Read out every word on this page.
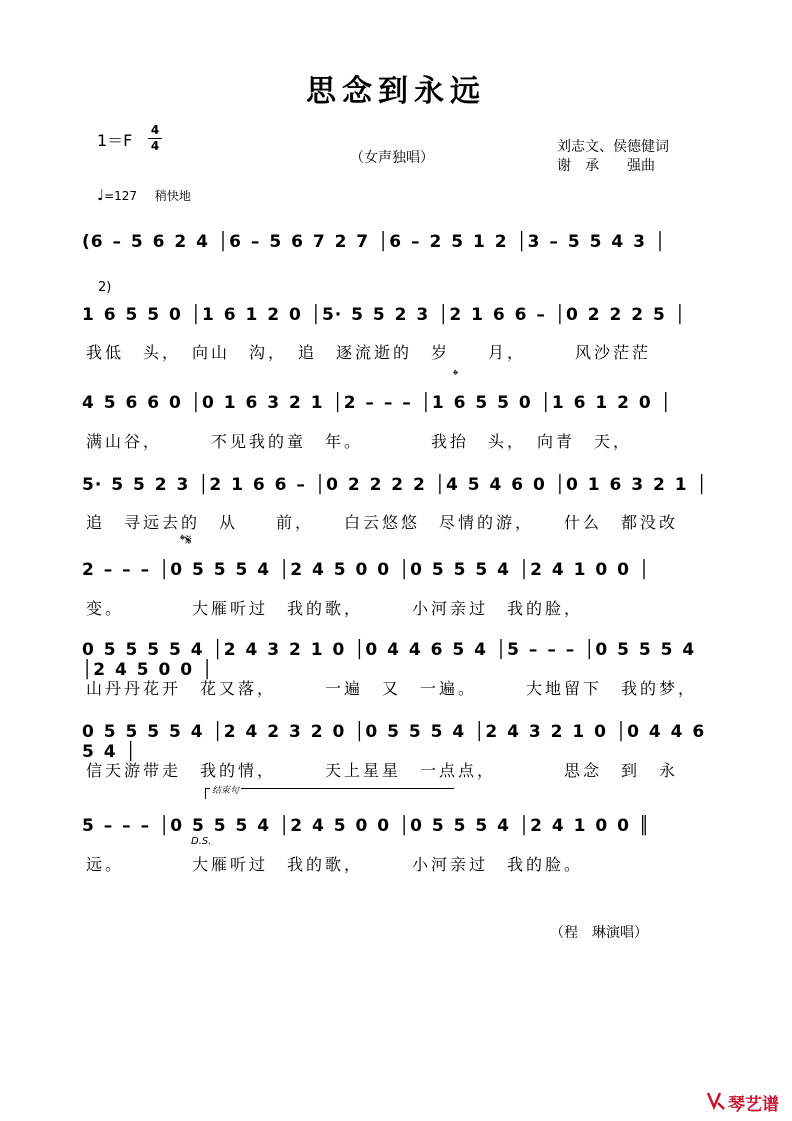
思念到永远
1＝F
4
4
（女声独唱）
刘志文、侯德健词
谢　承　　强曲
♩=127 稍快地
(6 – 5 6 2 4 │6 – 5 6 7 2 7 │6 – 2 5 1 2 │3 – 5 5 4 3 │
2)
1 6 5 5 0 │1 6 1 2 0 │5· 5 5 2 3 │2 1 6 6 – │0 2 2 2 5 │
我低　头，　向山　沟，　追　逐流逝的　岁　　月，　　　风沙茫茫
𝄌
4 5 6 6 0 │0 1 6 3 2 1 │2 – – – │1 6 5 5 0 │1 6 1 2 0 │
满山谷，　　　不见我的童　年。　　　　我抬　头，　向青　天，
5· 5 5 2 3 │2 1 6 6 – │0 2 2 2 2 │4 5 4 6 0 │0 1 6 3 2 1 │
追　寻远去的　从　　前，　　白云悠悠　尽情的游，　　什么　都没改
𝄌𝄋
2 – – – │0 5 5 5 4 │2 4 5 0 0 │0 5 5 5 4 │2 4 1 0 0 │
变。　　　　大雁听过　我的歌，　　　小河亲过　我的脸，
0 5 5 5 5 4 │2 4 3 2 1 0 │0 4 4 6 5 4 │5 – – – │0 5 5 5 4 │2 4 5 0 0 │
山丹丹花开　花又落，　　　一遍　又　一遍。　　　大地留下　我的梦，
0 5 5 5 5 4 │2 4 2 3 2 0 │0 5 5 5 4 │2 4 3 2 1 0 │0 4 4 6 5 4 │
信天游带走　我的情，　　　天上星星　一点点，　　　　思念　到　永
结束句
D.S.
5 – – – │0 5 5 5 4 │2 4 5 0 0 │0 5 5 5 4 │2 4 1 0 0 ║
远。　　　　大雁听过　我的歌，　　　小河亲过　我的脸。
（程　琳演唱）
琴艺谱
